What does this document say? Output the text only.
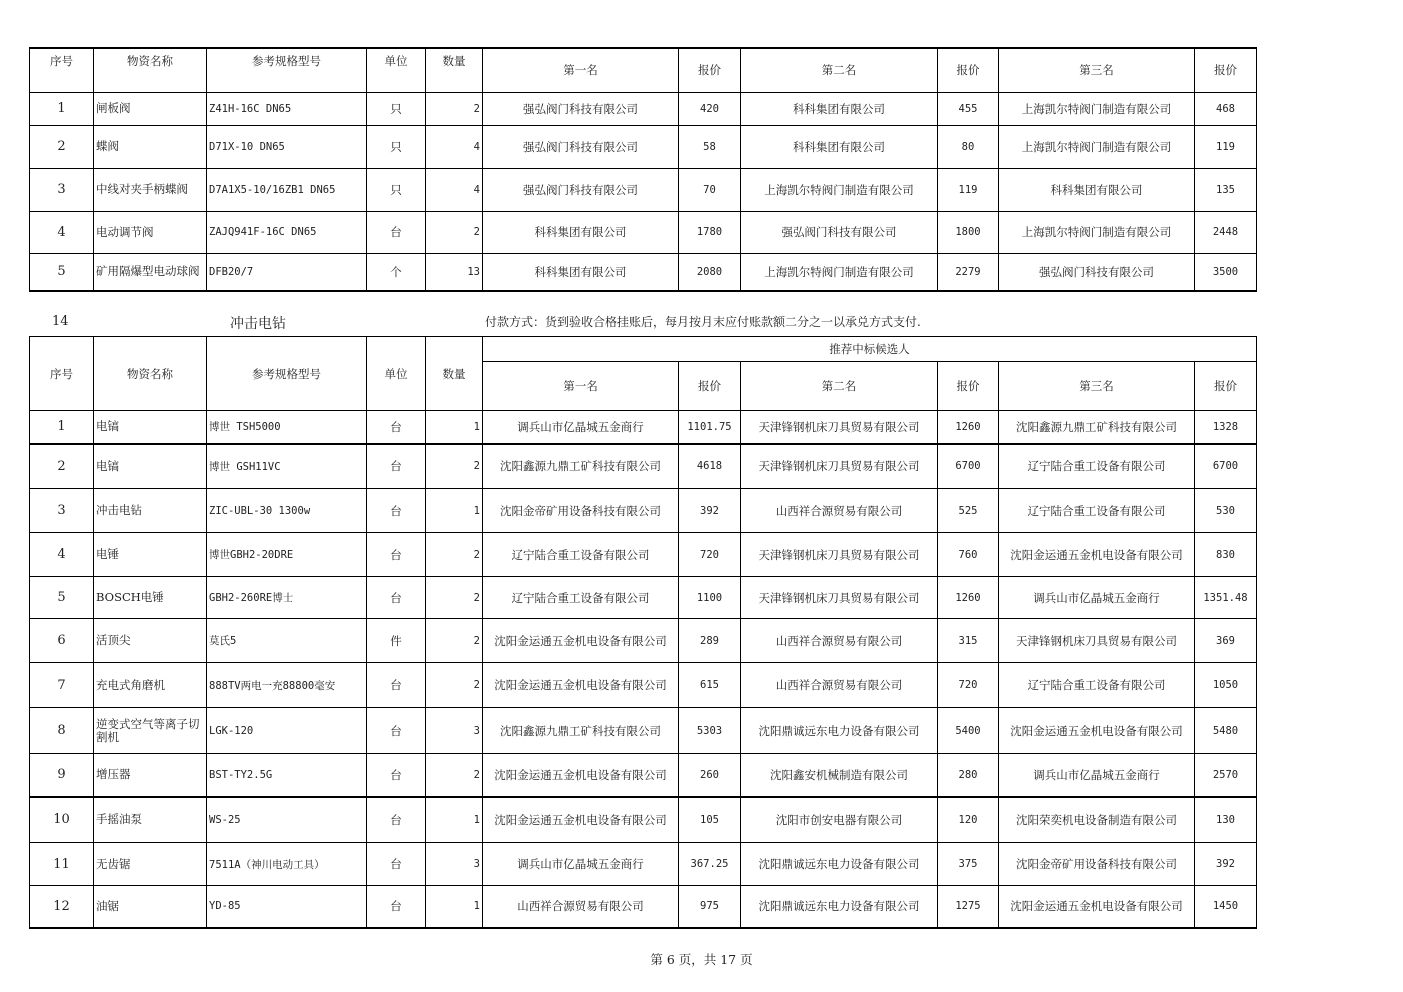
序号	物资名称	参考规格型号	单位	数量	第一名	报价	第二名	报价	第三名	报价
1	闸板阀	Z41H-16C DN65	只	2	强弘阀门科技有限公司	420	科科集团有限公司	455	上海凯尔特阀门制造有限公司	468
2	蝶阀	D71X-10 DN65	只	4	强弘阀门科技有限公司	58	科科集团有限公司	80	上海凯尔特阀门制造有限公司	119
3	中线对夹手柄蝶阀	D7A1X5-10/16ZB1 DN65	只	4	强弘阀门科技有限公司	70	上海凯尔特阀门制造有限公司	119	科科集团有限公司	135
4	电动调节阀	ZAJQ941F-16C DN65	台	2	科科集团有限公司	1780	强弘阀门科技有限公司	1800	上海凯尔特阀门制造有限公司	2448
5	矿用隔爆型电动球阀	DFB20/7	个	13	科科集团有限公司	2080	上海凯尔特阀门制造有限公司	2279	强弘阀门科技有限公司	3500
14	冲击电钻	付款方式：货到验收合格挂账后，每月按月末应付账款额二分之一以承兑方式支付.
序号	物资名称	参考规格型号	单位	数量	推荐中标候选人					
					第一名	报价	第二名	报价	第三名	报价
1	电镐	博世 TSH5000	台	1	调兵山市亿晶城五金商行	1101.75	天津锋钢机床刀具贸易有限公司	1260	沈阳鑫源九鼎工矿科技有限公司	1328
2	电镐	博世 GSH11VC	台	2	沈阳鑫源九鼎工矿科技有限公司	4618	天津锋钢机床刀具贸易有限公司	6700	辽宁陆合重工设备有限公司	6700
3	冲击电钻	ZIC-UBL-30 1300w	台	1	沈阳金帝矿用设备科技有限公司	392	山西祥合源贸易有限公司	525	辽宁陆合重工设备有限公司	530
4	电锤	博世GBH2-20DRE	台	2	辽宁陆合重工设备有限公司	720	天津锋钢机床刀具贸易有限公司	760	沈阳金运通五金机电设备有限公司	830
5	BOSCH电锤	GBH2-260RE博士	台	2	辽宁陆合重工设备有限公司	1100	天津锋钢机床刀具贸易有限公司	1260	调兵山市亿晶城五金商行	1351.48
6	活顶尖	莫氏5	件	2	沈阳金运通五金机电设备有限公司	289	山西祥合源贸易有限公司	315	天津锋钢机床刀具贸易有限公司	369
7	充电式角磨机	888TV两电一充88800毫安	台	2	沈阳金运通五金机电设备有限公司	615	山西祥合源贸易有限公司	720	辽宁陆合重工设备有限公司	1050
8	逆变式空气等离子切割机	LGK-120	台	3	沈阳鑫源九鼎工矿科技有限公司	5303	沈阳鼎诚远东电力设备有限公司	5400	沈阳金运通五金机电设备有限公司	5480
9	增压器	BST-TY2.5G	台	2	沈阳金运通五金机电设备有限公司	260	沈阳鑫安机械制造有限公司	280	调兵山市亿晶城五金商行	2570
10	手摇油泵	WS-25	台	1	沈阳金运通五金机电设备有限公司	105	沈阳市创安电器有限公司	120	沈阳荣奕机电设备制造有限公司	130
11	无齿锯	7511A（神川电动工具）	台	3	调兵山市亿晶城五金商行	367.25	沈阳鼎诚远东电力设备有限公司	375	沈阳金帝矿用设备科技有限公司	392
12	油锯	YD-85	台	1	山西祥合源贸易有限公司	975	沈阳鼎诚远东电力设备有限公司	1275	沈阳金运通五金机电设备有限公司	1450
第 6 页，共 17 页
